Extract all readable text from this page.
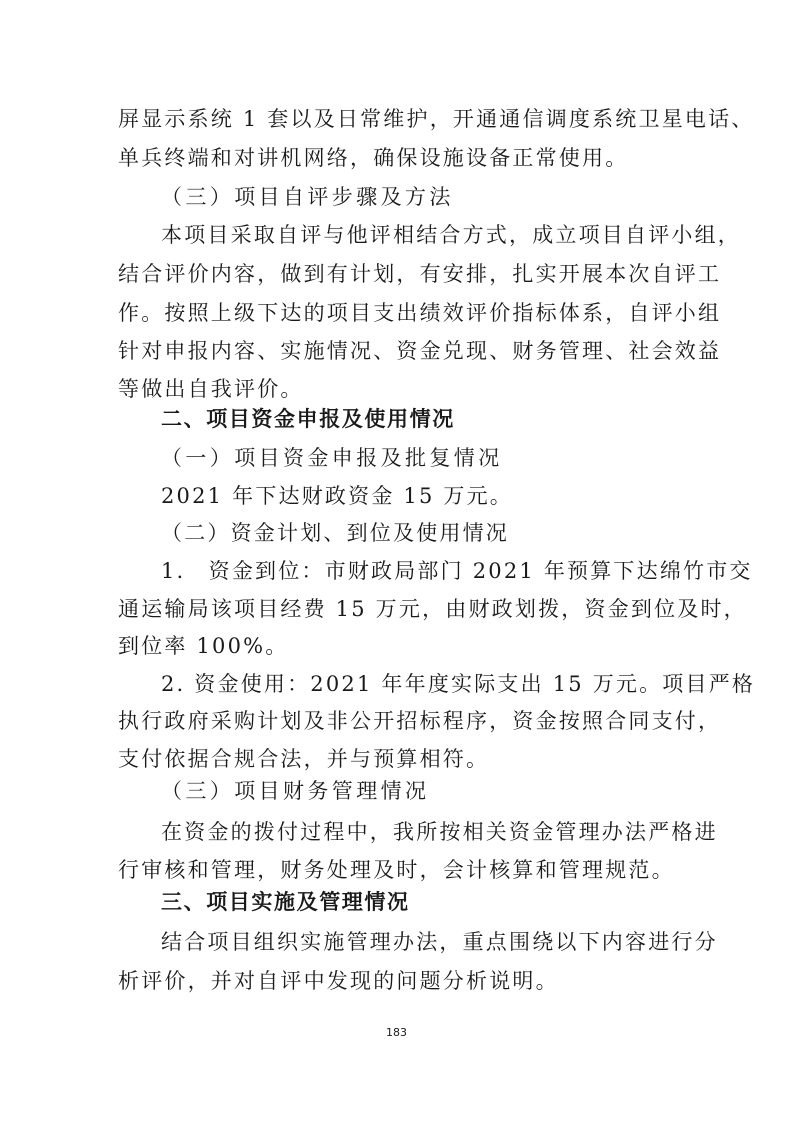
屏显示系统 1 套以及日常维护，开通通信调度系统卫星电话、
单兵终端和对讲机网络，确保设施设备正常使用。
（三）项目自评步骤及方法
本项目采取自评与他评相结合方式，成立项目自评小组，
结合评价内容，做到有计划，有安排，扎实开展本次自评工
作。按照上级下达的项目支出绩效评价指标体系，自评小组
针对申报内容、实施情况、资金兑现、财务管理、社会效益
等做出自我评价。
二、项目资金申报及使用情况
（一）项目资金申报及批复情况
2021 年下达财政资金 15 万元。
（二）资金计划、到位及使用情况
1.　资金到位：市财政局部门 2021 年预算下达绵竹市交
通运输局该项目经费 15 万元，由财政划拨，资金到位及时，
到位率 100%。
2. 资金使用：2021 年年度实际支出 15 万元。项目严格
执行政府采购计划及非公开招标程序，资金按照合同支付，
支付依据合规合法，并与预算相符。
（三）项目财务管理情况
在资金的拨付过程中，我所按相关资金管理办法严格进
行审核和管理，财务处理及时，会计核算和管理规范。
三、项目实施及管理情况
结合项目组织实施管理办法，重点围绕以下内容进行分
析评价，并对自评中发现的问题分析说明。
183
